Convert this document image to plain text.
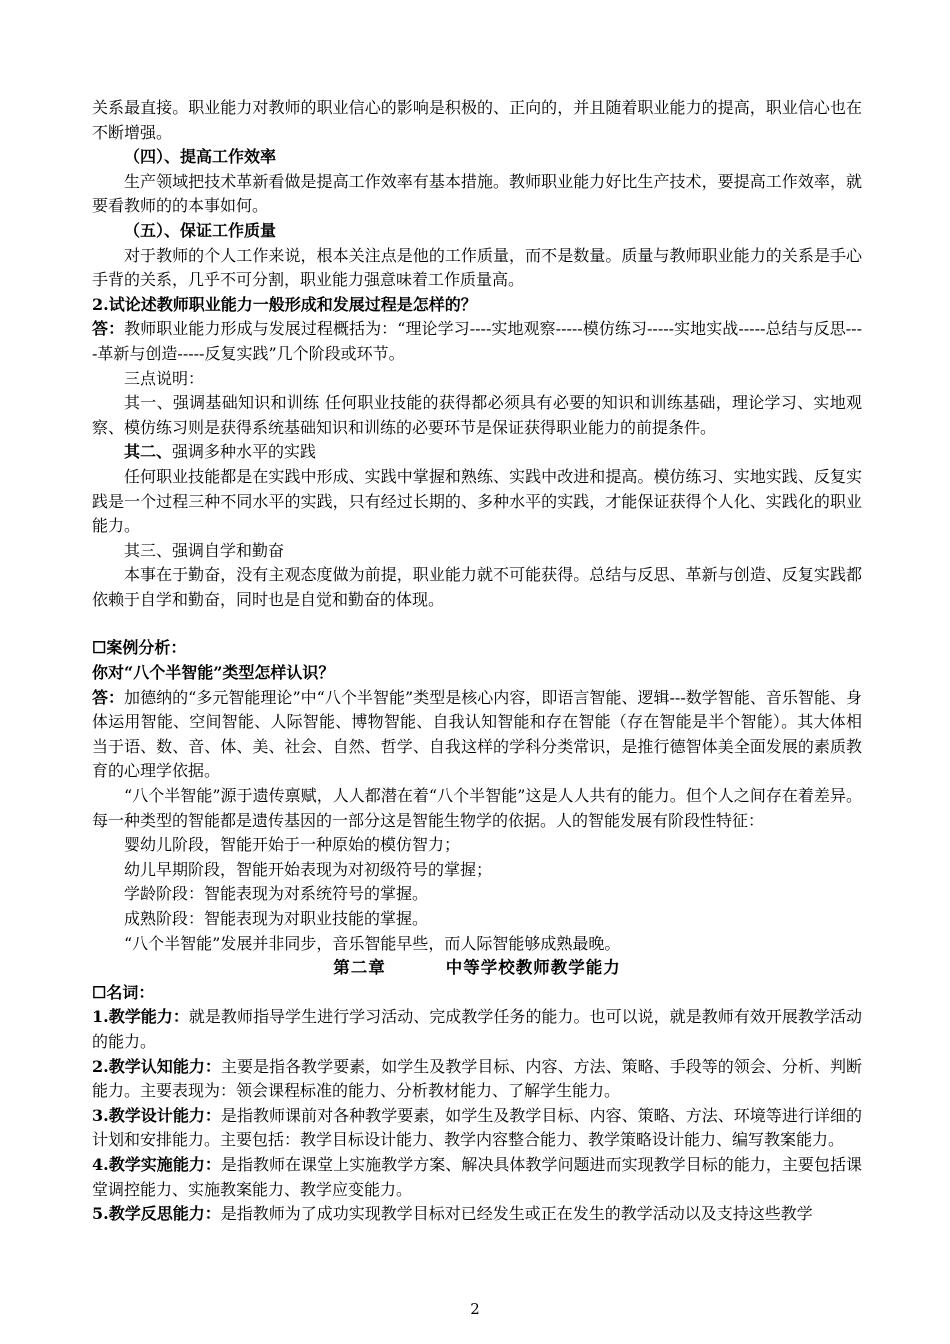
关系最直接。职业能力对教师的职业信心的影响是积极的、正向的，并且随着职业能力的提高，职业信心也在不断增强。

（四）、提高工作效率

生产领域把技术革新看做是提高工作效率有基本措施。教师职业能力好比生产技术，要提高工作效率，就要看教师的的本事如何。

（五）、保证工作质量

对于教师的个人工作来说，根本关注点是他的工作质量，而不是数量。质量与教师职业能力的关系是手心手背的关系，几乎不可分割，职业能力强意味着工作质量高。

2.试论述教师职业能力一般形成和发展过程是怎样的？

答：教师职业能力形成与发展过程概括为：“理论学习----实地观察-----模仿练习-----实地实战-----总结与反思----革新与创造-----反复实践”几个阶段或环节。

三点说明：

其一、强调基础知识和训练 任何职业技能的获得都必须具有必要的知识和训练基础，理论学习、实地观察、模仿练习则是获得系统基础知识和训练的必要环节是保证获得职业能力的前提条件。

其二、强调多种水平的实践

任何职业技能都是在实践中形成、实践中掌握和熟练、实践中改进和提高。模仿练习、实地实践、反复实践是一个过程三种不同水平的实践，只有经过长期的、多种水平的实践，才能保证获得个人化、实践化的职业能力。

其三、强调自学和勤奋

本事在于勤奋，没有主观态度做为前提，职业能力就不可能获得。总结与反思、革新与创造、反复实践都依赖于自学和勤奋，同时也是自觉和勤奋的体现。

☐案例分析：

你对“八个半智能”类型怎样认识？

答：加德纳的“多元智能理论”中“八个半智能”类型是核心内容，即语言智能、逻辑---数学智能、音乐智能、身体运用智能、空间智能、人际智能、博物智能、自我认知智能和存在智能（存在智能是半个智能）。其大体相当于语、数、音、体、美、社会、自然、哲学、自我这样的学科分类常识，是推行德智体美全面发展的素质教育的心理学依据。

“八个半智能”源于遗传禀赋，人人都潜在着“八个半智能”这是人人共有的能力。但个人之间存在着差异。每一种类型的智能都是遗传基因的一部分这是智能生物学的依据。人的智能发展有阶段性特征：

婴幼儿阶段，智能开始于一种原始的模仿智力；

幼儿早期阶段，智能开始表现为对初级符号的掌握；

学龄阶段：智能表现为对系统符号的掌握。

成熟阶段：智能表现为对职业技能的掌握。

“八个半智能”发展并非同步，音乐智能早些，而人际智能够成熟最晚。

第二章	中等学校教师教学能力

☐名词：

1.教学能力：就是教师指导学生进行学习活动、完成教学任务的能力。也可以说，就是教师有效开展教学活动的能力。

2.教学认知能力：主要是指各教学要素，如学生及教学目标、内容、方法、策略、手段等的领会、分析、判断能力。主要表现为：领会课程标准的能力、分析教材能力、了解学生能力。

3.教学设计能力：是指教师课前对各种教学要素，如学生及教学目标、内容、策略、方法、环境等进行详细的计划和安排能力。主要包括：教学目标设计能力、教学内容整合能力、教学策略设计能力、编写教案能力。

4.教学实施能力：是指教师在课堂上实施教学方案、解决具体教学问题进而实现教学目标的能力，主要包括课堂调控能力、实施教案能力、教学应变能力。

5.教学反思能力：是指教师为了成功实现教学目标对已经发生或正在发生的教学活动以及支持这些教学

2
